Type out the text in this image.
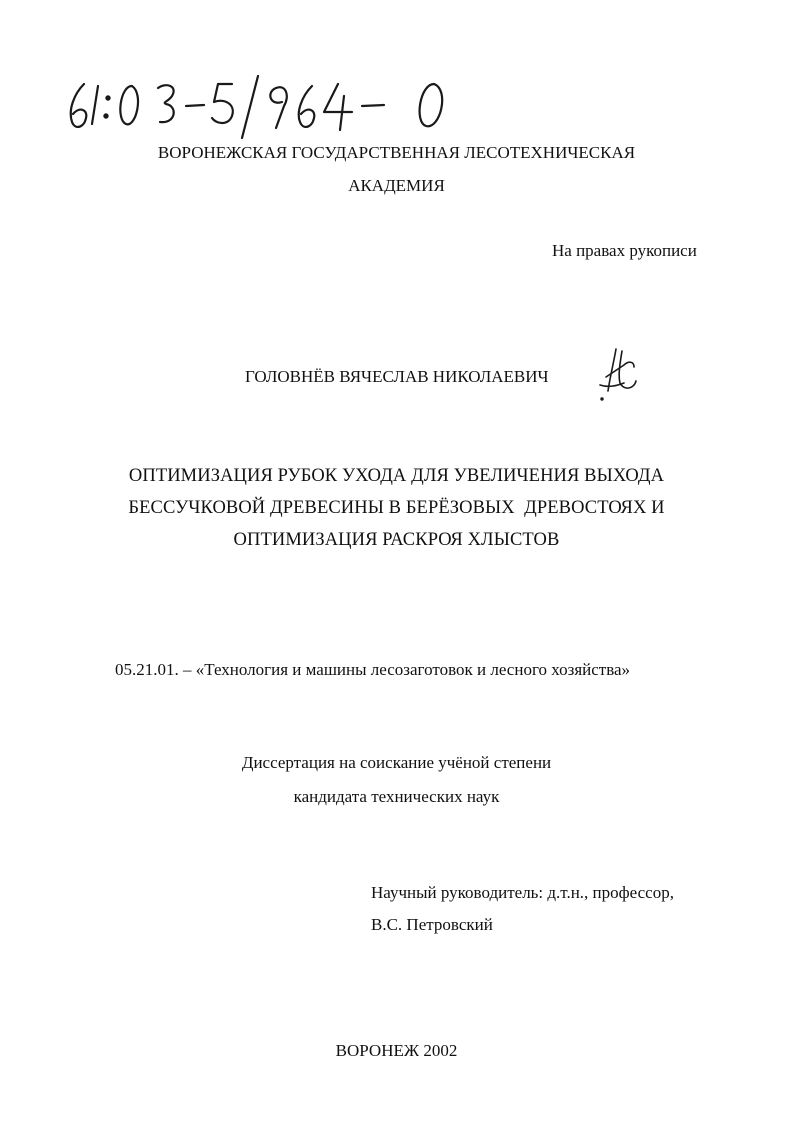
ВОРОНЕЖСКАЯ ГОСУДАРСТВЕННАЯ ЛЕСОТЕХНИЧЕСКАЯ
АКАДЕМИЯ
На правах рукописи
ГОЛОВНЁВ ВЯЧЕСЛАВ НИКОЛАЕВИЧ
ОПТИМИЗАЦИЯ РУБОК УХОДА ДЛЯ УВЕЛИЧЕНИЯ ВЫХОДА
БЕССУЧКОВОЙ ДРЕВЕСИНЫ В БЕРЁЗОВЫХ  ДРЕВОСТОЯХ И
ОПТИМИЗАЦИЯ РАСКРОЯ ХЛЫСТОВ
05.21.01. – «Технология и машины лесозаготовок и лесного хозяйства»
Диссертация на соискание учёной степени
кандидата технических наук
Научный руководитель: д.т.н., профессор,
В.С. Петровский
ВОРОНЕЖ 2002
